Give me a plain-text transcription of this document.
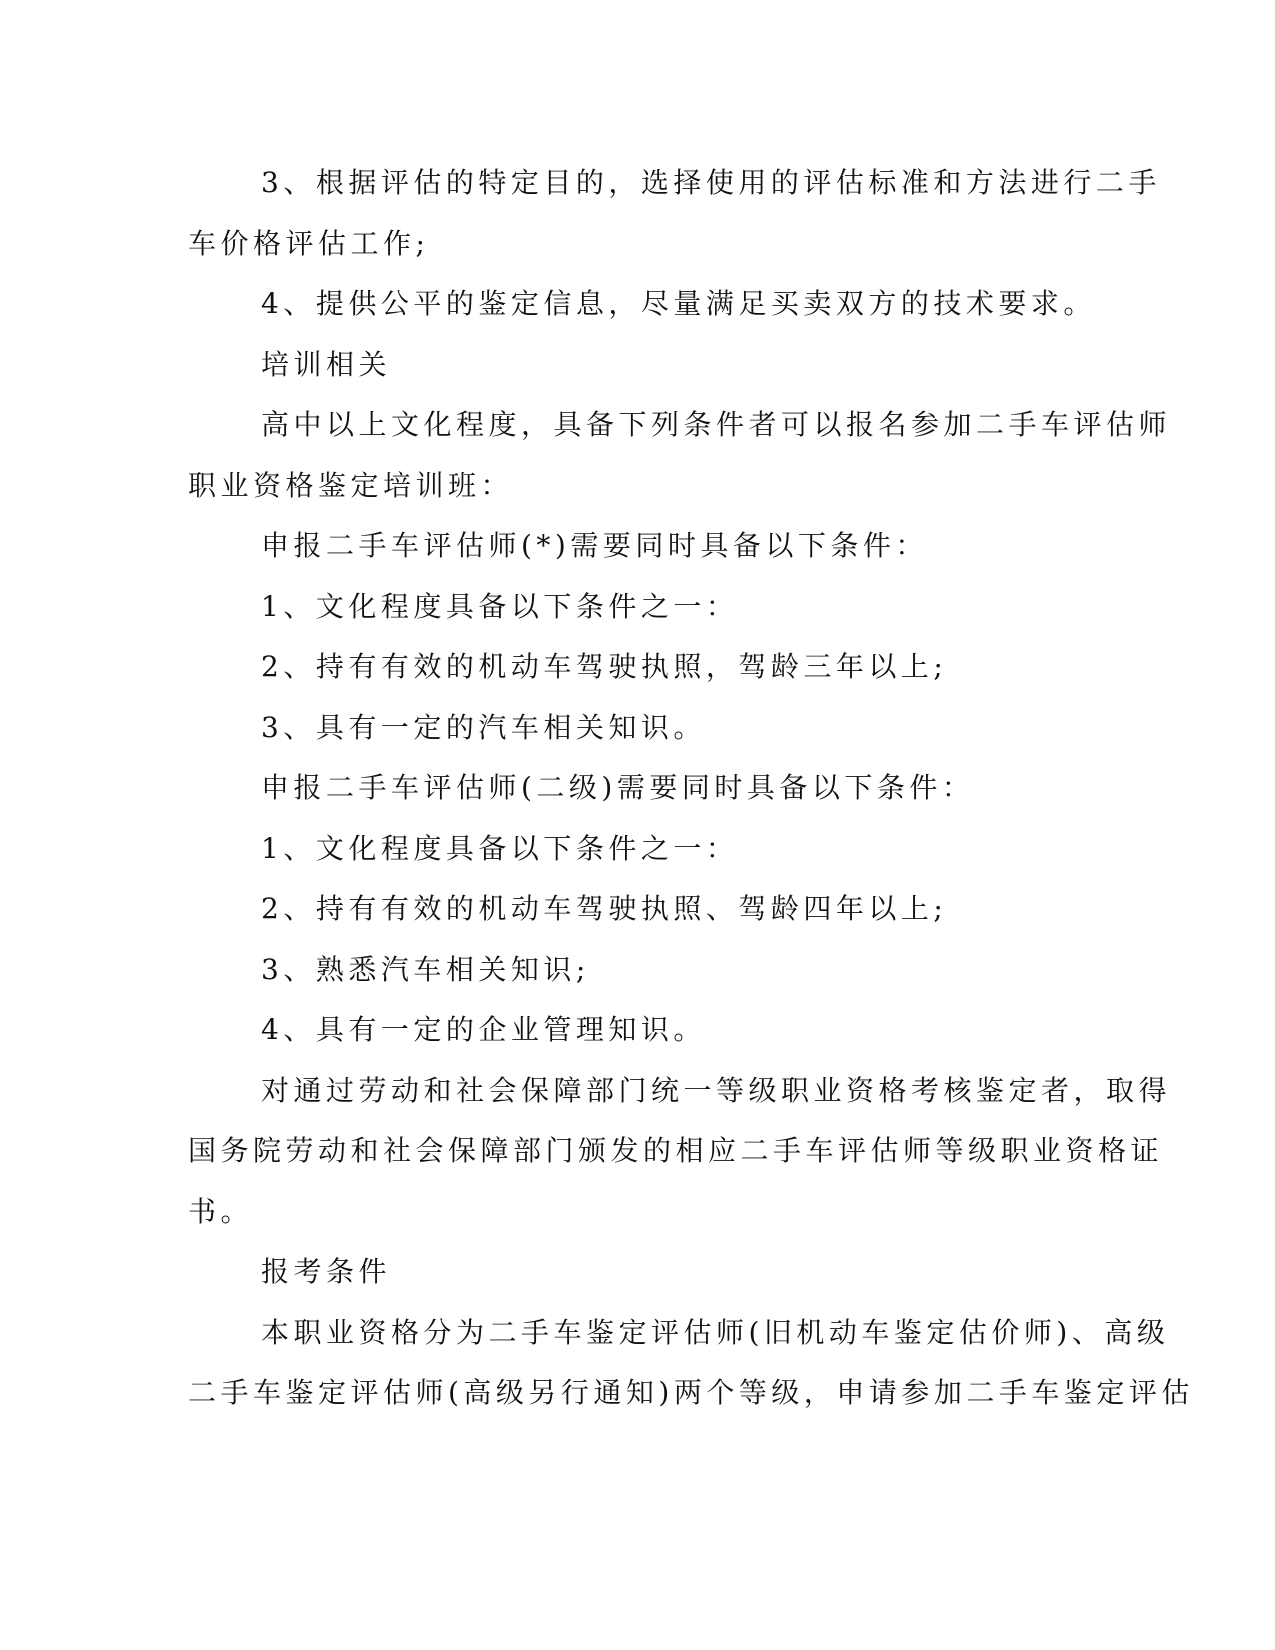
3、根据评估的特定目的，选择使用的评估标准和方法进行二手

车价格评估工作;

4、提供公平的鉴定信息，尽量满足买卖双方的技术要求。

培训相关

高中以上文化程度，具备下列条件者可以报名参加二手车评估师

职业资格鉴定培训班：

申报二手车评估师(*)需要同时具备以下条件：

1、文化程度具备以下条件之一：

2、持有有效的机动车驾驶执照，驾龄三年以上;

3、具有一定的汽车相关知识。

申报二手车评估师(二级)需要同时具备以下条件：

1、文化程度具备以下条件之一：

2、持有有效的机动车驾驶执照、驾龄四年以上;

3、熟悉汽车相关知识;

4、具有一定的企业管理知识。

对通过劳动和社会保障部门统一等级职业资格考核鉴定者，取得

国务院劳动和社会保障部门颁发的相应二手车评估师等级职业资格证

书。

报考条件

本职业资格分为二手车鉴定评估师(旧机动车鉴定估价师)、高级

二手车鉴定评估师(高级另行通知)两个等级，申请参加二手车鉴定评估
